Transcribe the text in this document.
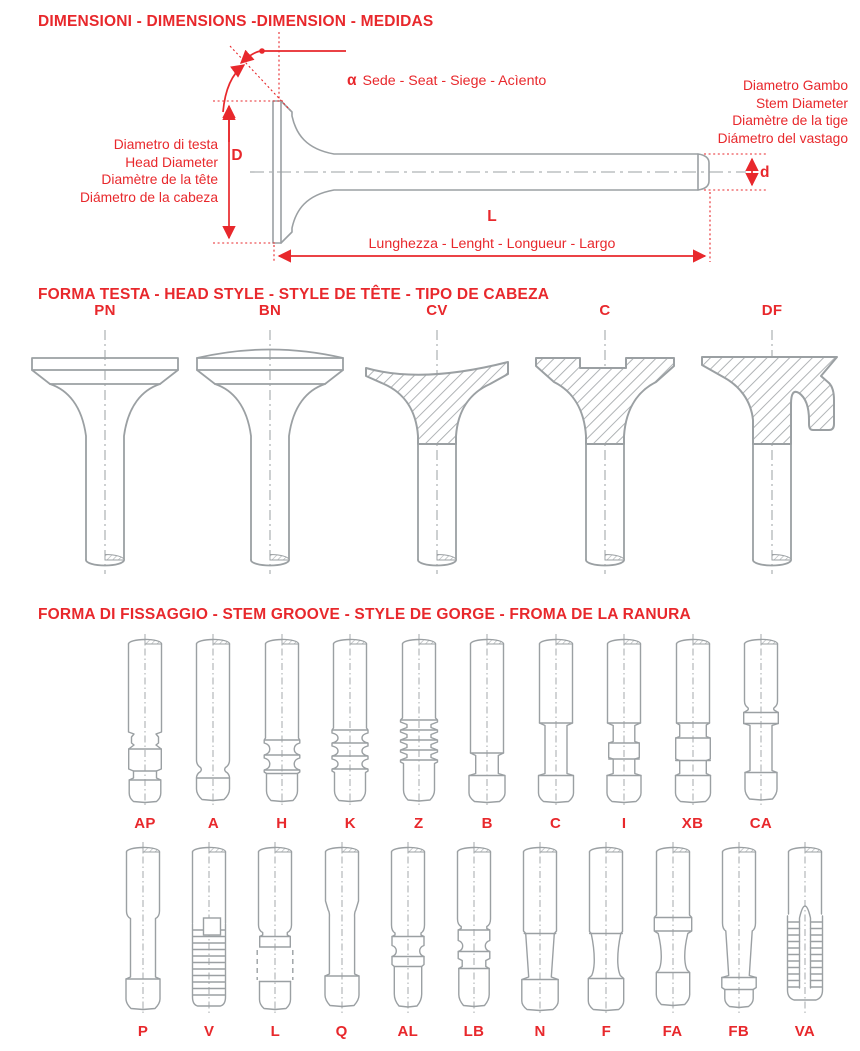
DIMENSIONI - DIMENSIONS -DIMENSION - MEDIDAS
D
d
L
Lunghezza - Lenght - Longueur - Largo
α Sede - Seat - Siege - Acìento	Diametro Gambo
Stem Diameter
Diamètre de la tige
Diámetro del vastago
Diametro di testa
Head Diameter
Diamètre de la tête
Diámetro de la cabeza
FORMA TESTA - HEAD STYLE - STYLE DE TÊTE - TIPO DE CABEZA
PN	BN	CV	C	DF
FORMA DI FISSAGGIO - STEM GROOVE - STYLE DE GORGE - FROMA DE LA RANURA
AP	A	H	K	Z	B	C	I	XB	CA
P	V	L	Q	AL	LB	N	F	FA	FB	VA
